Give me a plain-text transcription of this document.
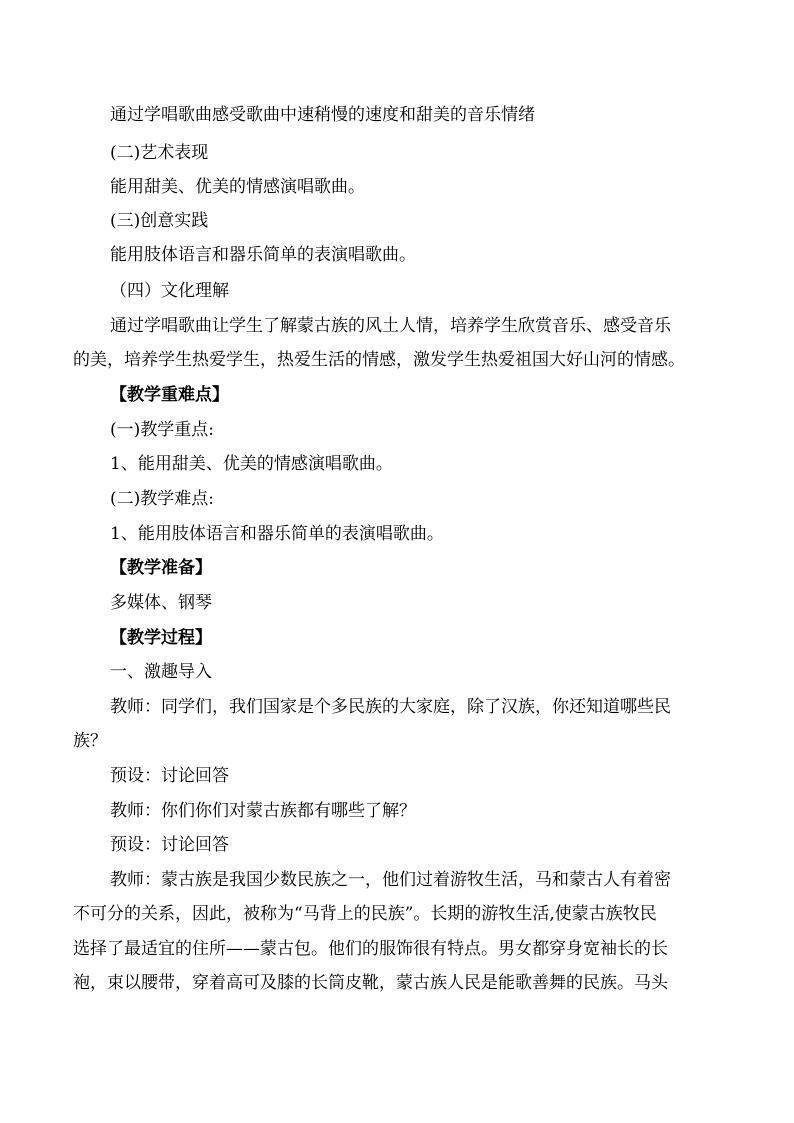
通过学唱歌曲感受歌曲中速稍慢的速度和甜美的音乐情绪
(二)艺术表现
能用甜美、优美的情感演唱歌曲。
(三)创意实践
能用肢体语言和器乐简单的表演唱歌曲。
（四）文化理解
通过学唱歌曲让学生了解蒙古族的风土人情，培养学生欣赏音乐、感受音乐
的美，培养学生热爱学生，热爱生活的情感，激发学生热爱祖国大好山河的情感。
【教学重难点】
(一)教学重点:
1、能用甜美、优美的情感演唱歌曲。
(二)教学难点:
1、能用肢体语言和器乐简单的表演唱歌曲。
【教学准备】
多媒体、钢琴
【教学过程】
一、激趣导入
教师：同学们，我们国家是个多民族的大家庭，除了汉族，你还知道哪些民
族？
预设：讨论回答
教师：你们你们对蒙古族都有哪些了解？
预设：讨论回答
教师：蒙古族是我国少数民族之一，他们过着游牧生活，马和蒙古人有着密
不可分的关系，因此，被称为“马背上的民族”。长期的游牧生活,使蒙古族牧民
选择了最适宜的住所——蒙古包。他们的服饰很有特点。男女都穿身宽袖长的长
袍，束以腰带，穿着高可及膝的长筒皮靴，蒙古族人民是能歌善舞的民族。马头
